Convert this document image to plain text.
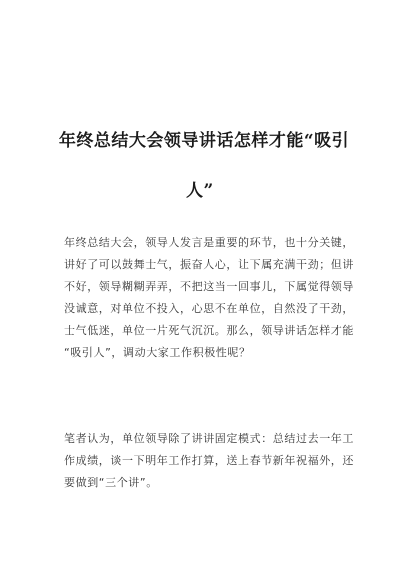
年终总结大会领导讲话怎样才能“吸引
人”
年终总结大会，领导人发言是重要的环节，也十分关键，
讲好了可以鼓舞士气，振奋人心，让下属充满干劲；但讲
不好，领导糊糊弄弄，不把这当一回事儿，下属觉得领导
没诚意，对单位不投入，心思不在单位，自然没了干劲，
士气低迷，单位一片死气沉沉。那么，领导讲话怎样才能
“吸引人”，调动大家工作积极性呢？
笔者认为，单位领导除了讲讲固定模式：总结过去一年工
作成绩，谈一下明年工作打算，送上春节新年祝福外，还
要做到“三个讲”。
